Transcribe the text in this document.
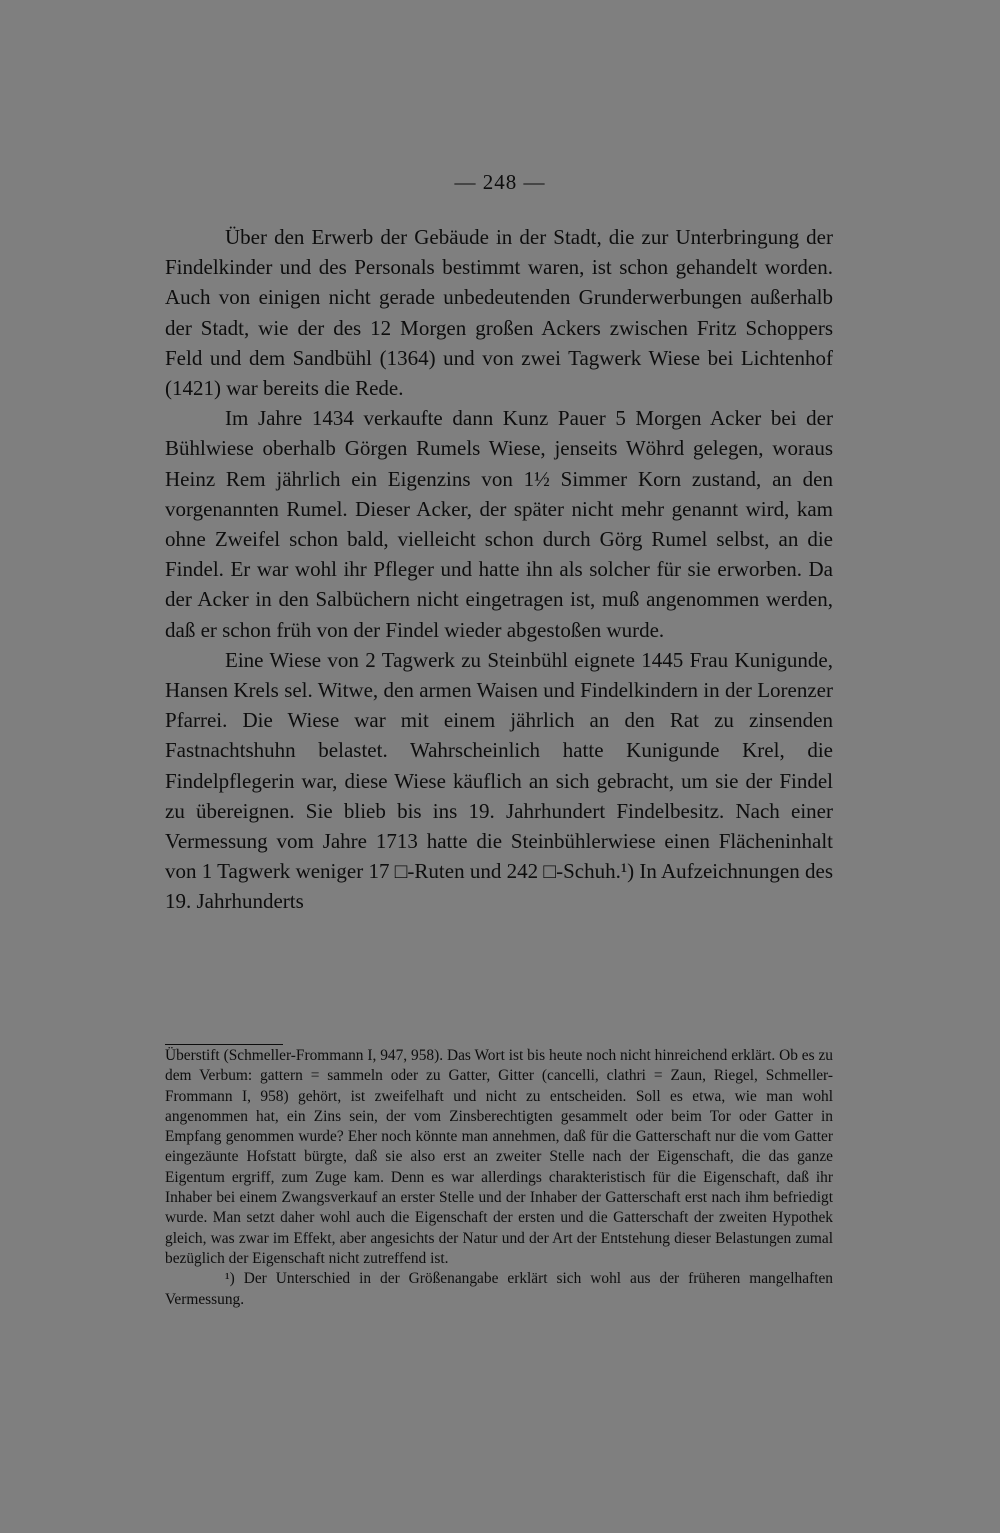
— 248 —

Über den Erwerb der Gebäude in der Stadt, die zur Unterbringung der Findelkinder und des Personals bestimmt waren, ist schon gehandelt worden. Auch von einigen nicht gerade unbedeutenden Grunderwerbungen außerhalb der Stadt, wie der des 12 Morgen großen Ackers zwischen Fritz Schoppers Feld und dem Sandbühl (1364) und von zwei Tagwerk Wiese bei Lichtenhof (1421) war bereits die Rede.

Im Jahre 1434 verkaufte dann Kunz Pauer 5 Morgen Acker bei der Bühlwiese oberhalb Görgen Rumels Wiese, jenseits Wöhrd gelegen, woraus Heinz Rem jährlich ein Eigenzins von 1½ Simmer Korn zustand, an den vorgenannten Rumel. Dieser Acker, der später nicht mehr genannt wird, kam ohne Zweifel schon bald, vielleicht schon durch Görg Rumel selbst, an die Findel. Er war wohl ihr Pfleger und hatte ihn als solcher für sie erworben. Da der Acker in den Salbüchern nicht eingetragen ist, muß angenommen werden, daß er schon früh von der Findel wieder abgestoßen wurde.

Eine Wiese von 2 Tagwerk zu Steinbühl eignete 1445 Frau Kunigunde, Hansen Krels sel. Witwe, den armen Waisen und Findelkindern in der Lorenzer Pfarrei. Die Wiese war mit einem jährlich an den Rat zu zinsenden Fastnachtshuhn belastet. Wahrscheinlich hatte Kunigunde Krel, die Findelpflegerin war, diese Wiese käuflich an sich gebracht, um sie der Findel zu übereignen. Sie blieb bis ins 19. Jahrhundert Findelbesitz. Nach einer Vermessung vom Jahre 1713 hatte die Steinbühlerwiese einen Flächeninhalt von 1 Tagwerk weniger 17 □-Ruten und 242 □-Schuh.¹) In Aufzeichnungen des 19. Jahrhunderts

Überstift (Schmeller-Frommann I, 947, 958). Das Wort ist bis heute noch nicht hinreichend erklärt. Ob es zu dem Verbum: gattern = sammeln oder zu Gatter, Gitter (cancelli, clathri = Zaun, Riegel, Schmeller-Frommann I, 958) gehört, ist zweifelhaft und nicht zu entscheiden. Soll es etwa, wie man wohl angenommen hat, ein Zins sein, der vom Zinsberechtigten gesammelt oder beim Tor oder Gatter in Empfang genommen wurde? Eher noch könnte man annehmen, daß für die Gatterschaft nur die vom Gatter eingezäunte Hofstatt bürgte, daß sie also erst an zweiter Stelle nach der Eigenschaft, die das ganze Eigentum ergriff, zum Zuge kam. Denn es war allerdings charakteristisch für die Eigenschaft, daß ihr Inhaber bei einem Zwangsverkauf an erster Stelle und der Inhaber der Gatterschaft erst nach ihm befriedigt wurde. Man setzt daher wohl auch die Eigenschaft der ersten und die Gatterschaft der zweiten Hypothek gleich, was zwar im Effekt, aber angesichts der Natur und der Art der Entstehung dieser Belastungen zumal bezüglich der Eigenschaft nicht zutreffend ist.

¹) Der Unterschied in der Größenangabe erklärt sich wohl aus der früheren mangelhaften Vermessung.
